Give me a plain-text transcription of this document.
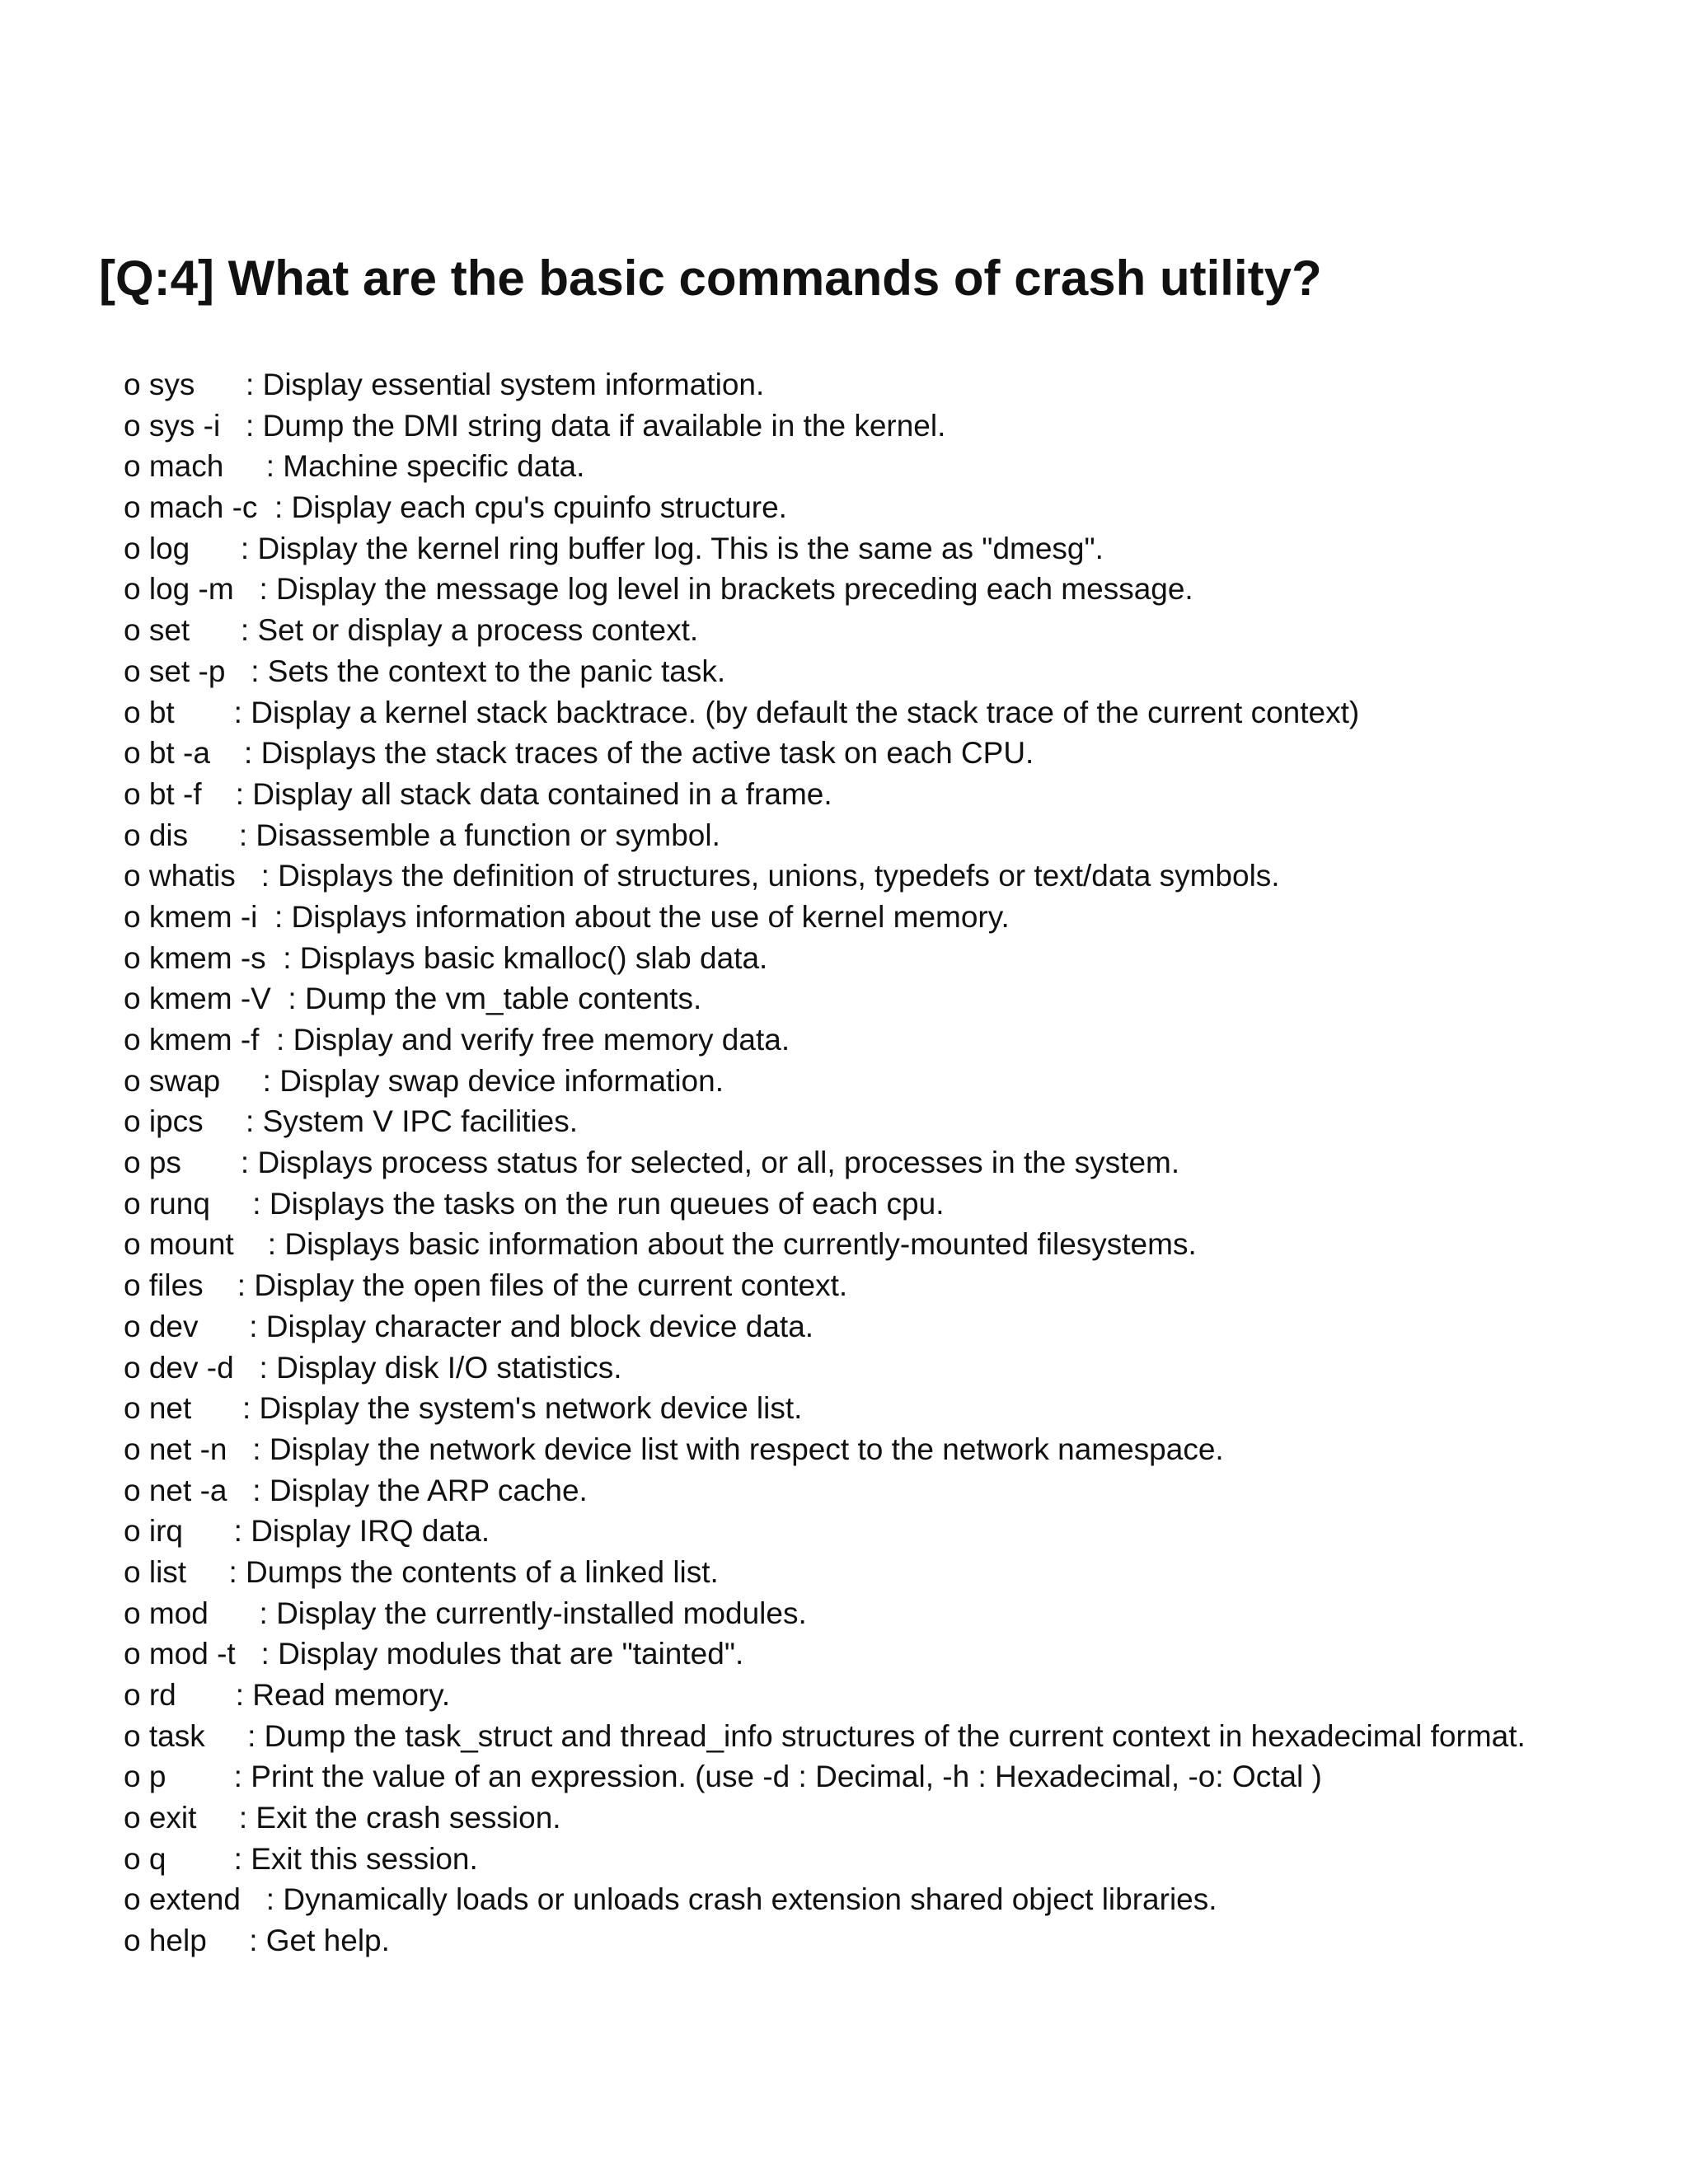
[Q:4] What are the basic commands of crash utility?
o sys      : Display essential system information.
o sys -i   : Dump the DMI string data if available in the kernel.
o mach     : Machine specific data.
o mach -c  : Display each cpu's cpuinfo structure.
o log      : Display the kernel ring buffer log. This is the same as "dmesg".
o log -m   : Display the message log level in brackets preceding each message.
o set      : Set or display a process context.
o set -p   : Sets the context to the panic task.
o bt       : Display a kernel stack backtrace. (by default the stack trace of the current context)
o bt -a    : Displays the stack traces of the active task on each CPU.
o bt -f    : Display all stack data contained in a frame.
o dis      : Disassemble a function or symbol.
o whatis   : Displays the definition of structures, unions, typedefs or text/data symbols.
o kmem -i  : Displays information about the use of kernel memory.
o kmem -s  : Displays basic kmalloc() slab data.
o kmem -V  : Dump the vm_table contents.
o kmem -f  : Display and verify free memory data.
o swap     : Display swap device information.
o ipcs     : System V IPC facilities.
o ps       : Displays process status for selected, or all, processes in the system.
o runq     : Displays the tasks on the run queues of each cpu.
o mount    : Displays basic information about the currently-mounted filesystems.
o files    : Display the open files of the current context.
o dev      : Display character and block device data.
o dev -d   : Display disk I/O statistics.
o net      : Display the system's network device list.
o net -n   : Display the network device list with respect to the network namespace.
o net -a   : Display the ARP cache.
o irq      : Display IRQ data.
o list     : Dumps the contents of a linked list.
o mod      : Display the currently-installed modules.
o mod -t   : Display modules that are "tainted".
o rd       : Read memory.
o task     : Dump the task_struct and thread_info structures of the current context in hexadecimal format.
o p        : Print the value of an expression. (use -d : Decimal, -h : Hexadecimal, -o: Octal )
o exit     : Exit the crash session.
o q        : Exit this session.
o extend   : Dynamically loads or unloads crash extension shared object libraries.
o help     : Get help.
